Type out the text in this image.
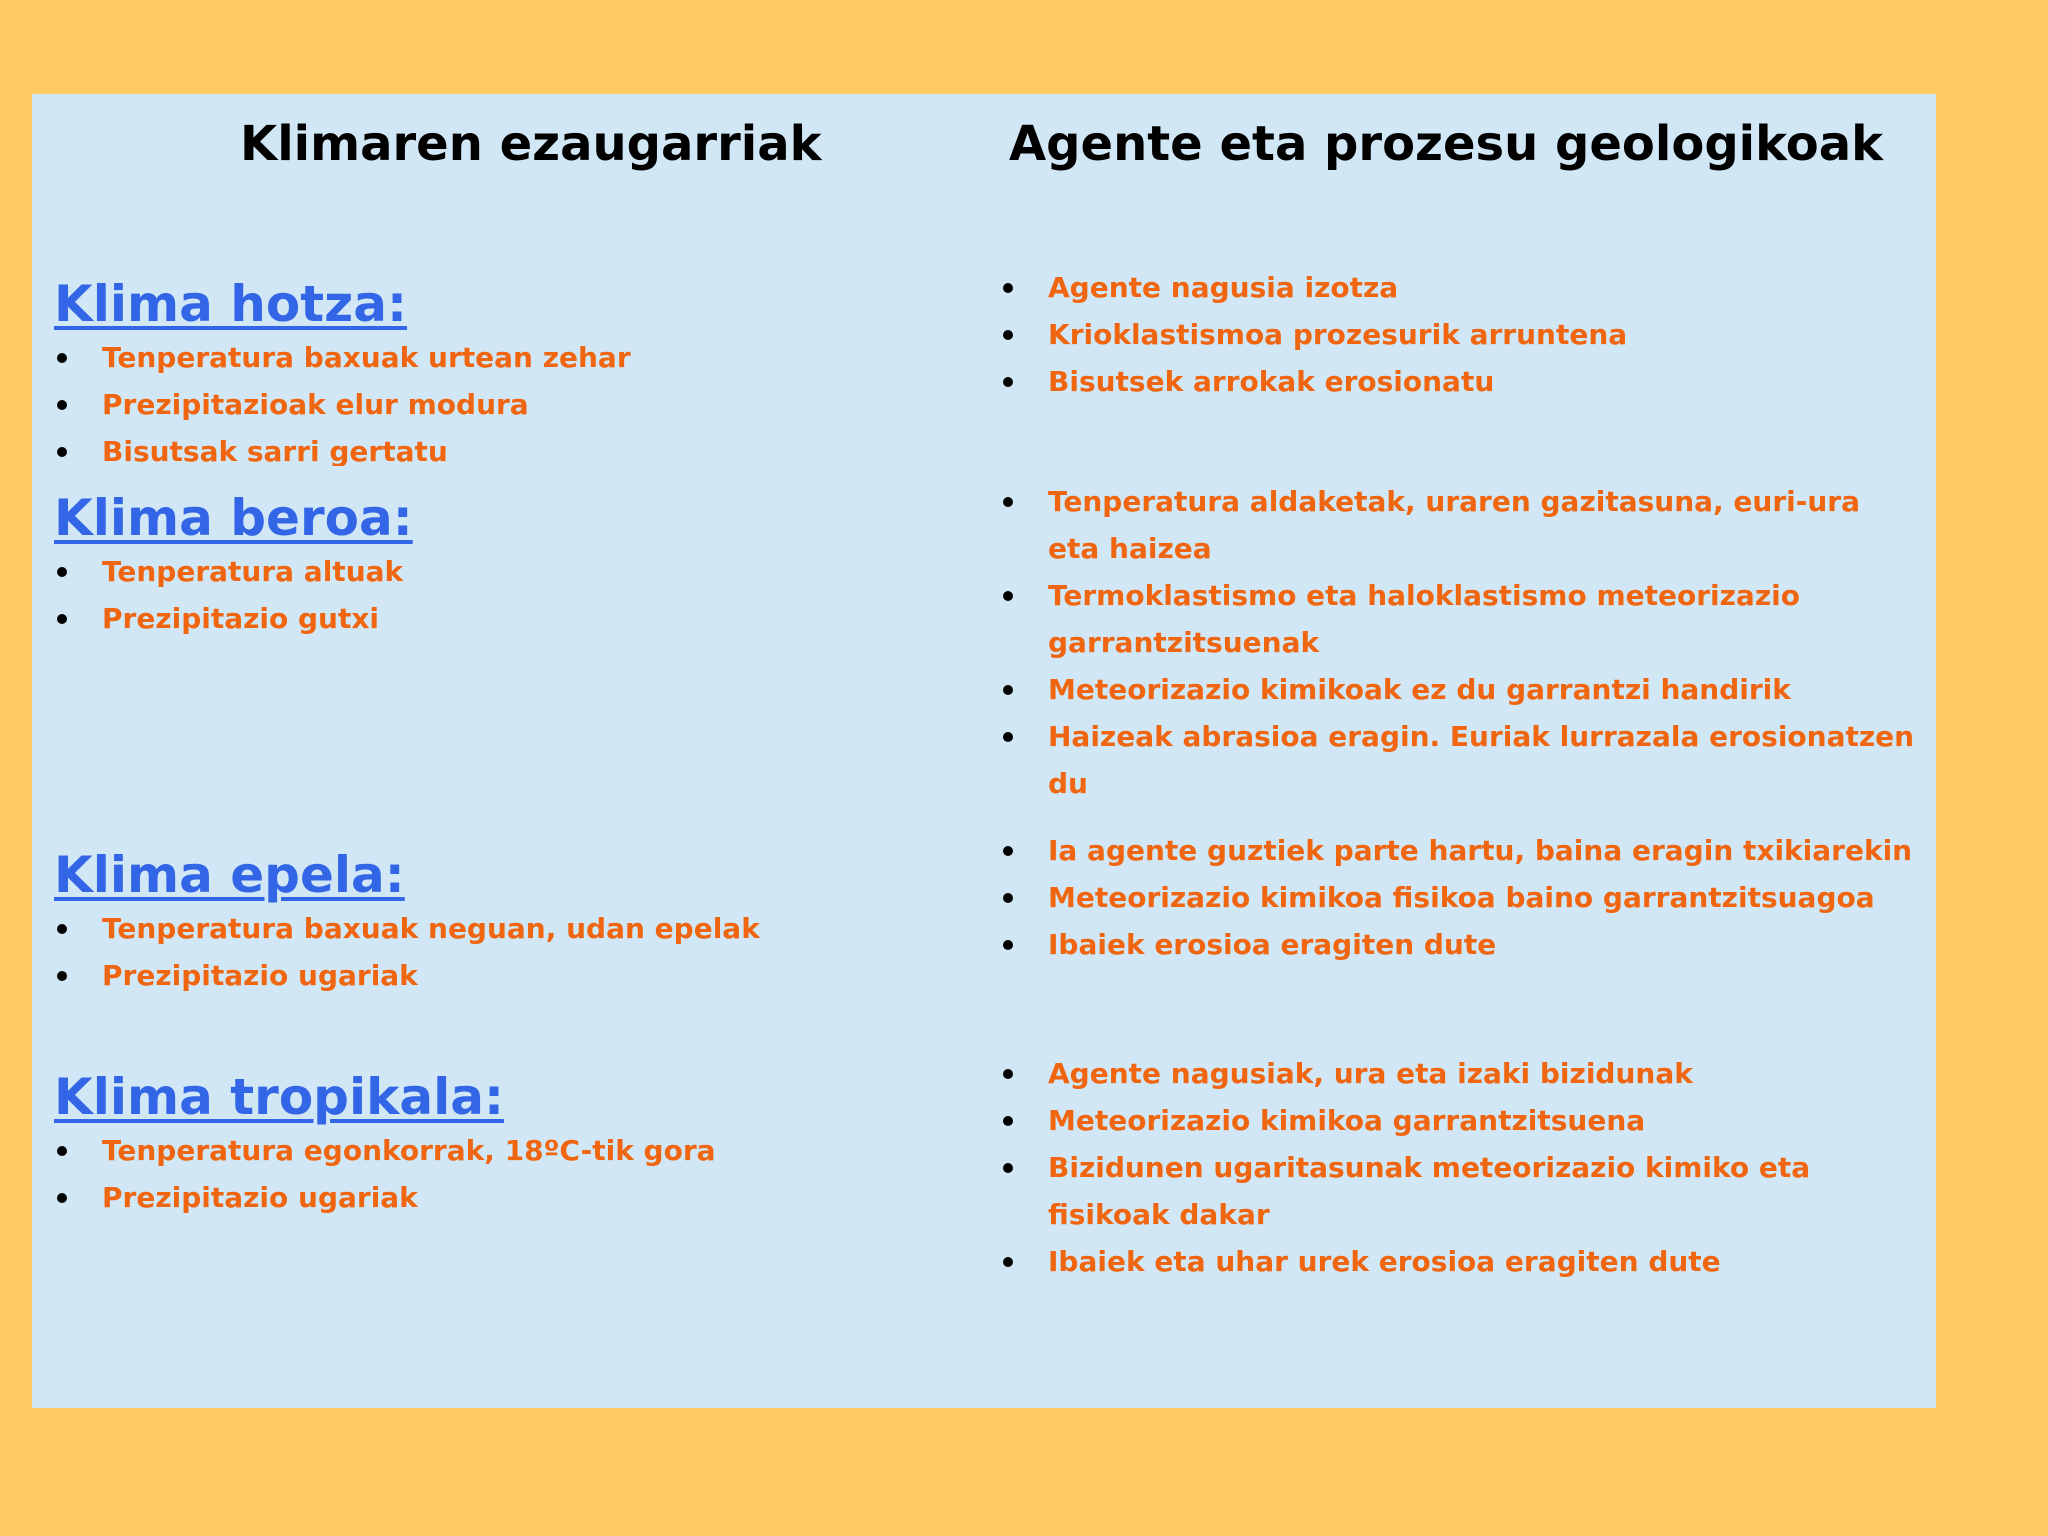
Klimaren ezaugarriak	Agente eta prozesu geologikoak
Klima hotza:
Tenperatura baxuak urtean zehar
Prezipitazioak elur modura
Bisutsak sarri gertatu
Klima beroa:
Tenperatura altuak
Prezipitazio gutxi
Klima epela:
Tenperatura baxuak neguan, udan epelak
Prezipitazio ugariak
Klima tropikala:
Tenperatura egonkorrak, 18ºC-tik gora
Prezipitazio ugariak
Agente nagusia izotza
Krioklastismoa prozesurik arruntena
Bisutsek arrokak erosionatu
Tenperatura aldaketak, uraren gazitasuna, euri-ura eta haizea
Termoklastismo eta haloklastismo meteorizazio garrantzitsuenak
Meteorizazio kimikoak ez du garrantzi handirik
Haizeak abrasioa eragin. Euriak lurrazala erosionatzen du
Ia agente guztiek parte hartu, baina eragin txikiarekin
Meteorizazio kimikoa fisikoa baino garrantzitsuagoa
Ibaiek erosioa eragiten dute
Agente nagusiak, ura eta izaki bizidunak
Meteorizazio kimikoa garrantzitsuena
Bizidunen ugaritasunak meteorizazio kimiko eta fisikoak dakar
Ibaiek eta uhar urek erosioa eragiten dute
